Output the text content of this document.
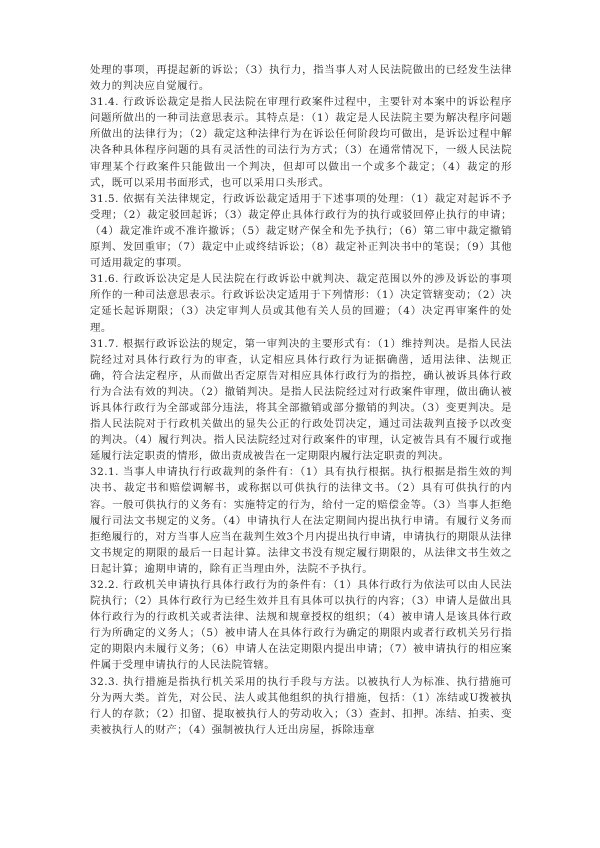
处理的事项，再提起新的诉讼；（3）执行力，指当事人对人民法院做出的已经发生法律效力的判决应自觉履行。

31.4. 行政诉讼裁定是指人民法院在审理行政案件过程中，主要针对本案中的诉讼程序问题所做出的一种司法意思表示。其特点是：（1）裁定是人民法院主要为解决程序问题所做出的法律行为；（2）裁定这种法律行为在诉讼任何阶段均可做出，是诉讼过程中解决各种具体程序问题的具有灵活性的司法行为方式；（3）在通常情况下，一级人民法院审理某个行政案件只能做出一个判决，但却可以做出一个或多个裁定；（4）裁定的形式，既可以采用书面形式，也可以采用口头形式。

31.5. 依据有关法律规定，行政诉讼裁定适用于下述事项的处理：（1）裁定对起诉不予受理；（2）裁定驳回起诉；（3）裁定停止具体行政行为的执行或驳回停止执行的申请；（4）裁定准许或不准许撤诉；（5）裁定财产保全和先予执行；（6）第二审中裁定撤销原判、发回重审；（7）裁定中止或终结诉讼；（8）裁定补正判决书中的笔误；（9）其他可适用裁定的事项。

31.6. 行政诉讼决定是人民法院在行政诉讼中就判决、裁定范围以外的涉及诉讼的事项所作的一种司法意思表示。行政诉讼决定适用于下列情形：（1）决定管辖变动；（2）决定延长起诉期限；（3）决定审判人员或其他有关人员的回避；（4）决定再审案件的处理。

31.7. 根据行政诉讼法的规定，第一审判决的主要形式有：（1）维持判决。是指人民法院经过对具体行政行为的审查，认定相应具体行政行为证据确凿，适用法律、法规正确，符合法定程序，从而做出否定原告对相应具体行政行为的指控，确认被诉具体行政行为合法有效的判决。（2）撤销判决。是指人民法院经过对行政案件审理，做出确认被诉具体行政行为全部或部分违法，将其全部撤销或部分撤销的判决。（3）变更判决。是指人民法院对于行政机关做出的显失公正的行政处罚决定，通过司法裁判直接予以改变的判决。（4）履行判决。指人民法院经过对行政案件的审理，认定被告具有不履行或拖延履行法定职责的情形，做出责成被告在一定期限内履行法定职责的判决。

32.1. 当事人申请执行行政裁判的条件有：（1）具有执行根据。执行根据是指生效的判决书、裁定书和赔偿调解书，或称据以可供执行的法律文书。（2）具有可供执行的内容。一般可供执行的义务有：实施特定的行为，给付一定的赔偿金等。（3）当事人拒绝履行司法文书规定的义务。（4）申请执行人在法定期间内提出执行申请。有履行义务而拒绝履行的，对方当事人应当在裁判生效3个月内提出执行申请，申请执行的期限从法律文书规定的期限的最后一日起计算。法律文书没有规定履行期限的，从法律文书生效之日起计算；逾期申请的，除有正当理由外，法院不予执行。

32.2. 行政机关申请执行具体行政行为的条件有：（1）具体行政行为依法可以由人民法院执行；（2）具体行政行为已经生效并且有具体可以执行的内容；（3）申请人是做出具体行政行为的行政机关或者法律、法规和规章授权的组织；（4）被申请人是该具体行政行为所确定的义务人；（5）被申请人在具体行政行为确定的期限内或者行政机关另行指定的期限内未履行义务；（6）申请人在法定期限内提出申请；（7）被申请执行的相应案件属于受理申请执行的人民法院管辖。

32.3. 执行措施是指执行机关采用的执行手段与方法。以被执行人为标准、执行措施可分为两大类。首先，对公民、法人或其他组织的执行措施，包括：（1）冻结或U拨被执行人的存款；（2）扣留、提取被执行人的劳动收入；（3）查封、扣押。冻结、拍卖、变卖被执行人的财产；（4）强制被执行人迁出房屋，拆除违章
